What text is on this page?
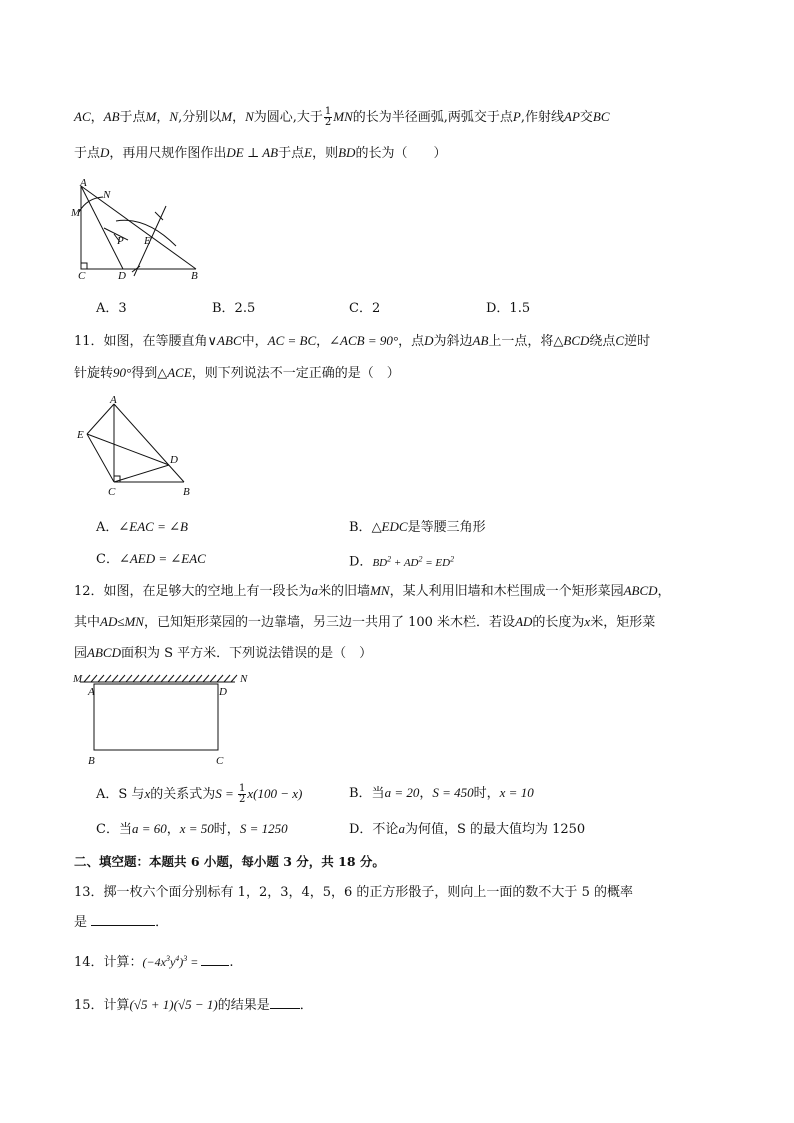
AC，AB于点M，N,分别以M，N为圆心,大于 $\frac{1}{2}$ MN的长为半径画弧,两弧交于点P,作射线AP交BC
于点D，再用尺规作图作出DE ⊥ AB于点E，则BD的长为（　　）
A
N
M
P E
C	D	B
A．3	B．2.5	C．2	D．1.5
11．如图，在等腰直角∨ABC中，AC = BC，∠ACB = 90°，点D为斜边AB上一点，将△BCD绕点C逆时
针旋转90°得到△ACE，则下列说法不一定正确的是（　）
A
E
D
C	B
A．∠EAC = ∠B	B．△EDC是等腰三角形
C．∠AED = ∠EAC	D．$BD^2 + AD^2 = ED^2$
12．如图，在足够大的空地上有一段长为a米的旧墙MN，某人利用旧墙和木栏围成一个矩形菜园ABCD，
其中AD≤MN，已知矩形菜园的一边靠墙，另三边一共用了 100 米木栏．若设AD的长度为x米，矩形菜
园ABCD面积为 S 平方米．下列说法错误的是（　）
M	N
A	D
B	C
A．S 与x的关系式为$S = \frac{1}{2} x(100 - x)$	B．当a = 20，S = 450时，x = 10
C．当a = 60，x = 50时，S = 1250	D．不论a为何值，S 的最大值均为 1250
二、填空题：本题共 6 小题，每小题 3 分，共 18 分。
13．掷一枚六个面分别标有 1，2，3，4，5，6 的正方形骰子，则向上一面的数不大于 5 的概率
是	．
14．计算：$(-4x^3y^4)^3$ = .
15．计算(√5 + 1)(√5 − 1)的结果是 ．
